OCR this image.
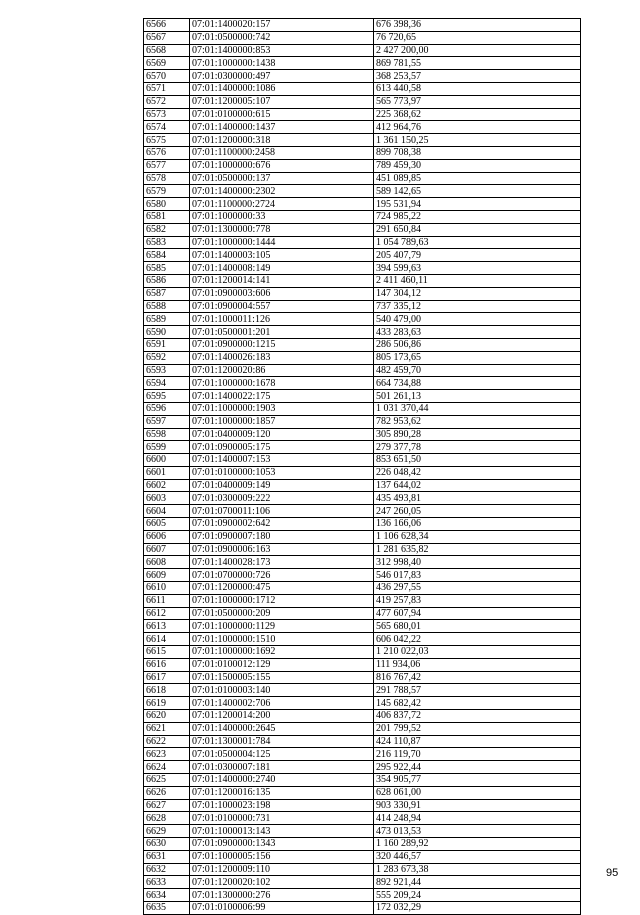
6566	07:01:1400020:157	676 398,36
6567	07:01:0500000:742	76 720,65
6568	07:01:1400000:853	2 427 200,00
6569	07:01:1000000:1438	869 781,55
6570	07:01:0300000:497	368 253,57
6571	07:01:1400000:1086	613 440,58
6572	07:01:1200005:107	565 773,97
6573	07:01:0100000:615	225 368,62
6574	07:01:1400000:1437	412 964,76
6575	07:01:1200000:318	1 361 150,25
6576	07:01:1100000:2458	899 708,38
6577	07:01:1000000:676	789 459,30
6578	07:01:0500000:137	451 089,85
6579	07:01:1400000:2302	589 142,65
6580	07:01:1100000:2724	195 531,94
6581	07:01:1000000:33	724 985,22
6582	07:01:1300000:778	291 650,84
6583	07:01:1000000:1444	1 054 789,63
6584	07:01:1400003:105	205 407,79
6585	07:01:1400008:149	394 599,63
6586	07:01:1200014:141	2 411 460,11
6587	07:01:0900003:606	147 304,12
6588	07:01:0900004:557	737 335,12
6589	07:01:1000011:126	540 479,00
6590	07:01:0500001:201	433 283,63
6591	07:01:0900000:1215	286 506,86
6592	07:01:1400026:183	805 173,65
6593	07:01:1200020:86	482 459,70
6594	07:01:1000000:1678	664 734,88
6595	07:01:1400022:175	501 261,13
6596	07:01:1000000:1903	1 031 370,44
6597	07:01:1000000:1857	782 953,62
6598	07:01:0400009:120	305 890,28
6599	07:01:0900005:175	279 377,78
6600	07:01:1400007:153	853 651,50
6601	07:01:0100000:1053	226 048,42
6602	07:01:0400009:149	137 644,02
6603	07:01:0300009:222	435 493,81
6604	07:01:0700011:106	247 260,05
6605	07:01:0900002:642	136 166,06
6606	07:01:0900007:180	1 106 628,34
6607	07:01:0900006:163	1 281 635,82
6608	07:01:1400028:173	312 998,40
6609	07:01:0700000:726	546 017,83
6610	07:01:1200000:475	436 297,55
6611	07:01:1000000:1712	419 257,83
6612	07:01:0500000:209	477 607,94
6613	07:01:1000000:1129	565 680,01
6614	07:01:1000000:1510	606 042,22
6615	07:01:1000000:1692	1 210 022,03
6616	07:01:0100012:129	111 934,06
6617	07:01:1500005:155	816 767,42
6618	07:01:0100003:140	291 788,57
6619	07:01:1400002:706	145 682,42
6620	07:01:1200014:200	406 837,72
6621	07:01:1400000:2645	201 799,52
6622	07:01:1300001:784	424 110,87
6623	07:01:0500004:125	216 119,70
6624	07:01:0300007:181	295 922,44
6625	07:01:1400000:2740	354 905,77
6626	07:01:1200016:135	628 061,00
6627	07:01:1000023:198	903 330,91
6628	07:01:0100000:731	414 248,94
6629	07:01:1000013:143	473 013,53
6630	07:01:0900000:1343	1 160 289,92
6631	07:01:1000005:156	320 446,57
6632	07:01:1200009:110	1 283 673,38
6633	07:01:1200020:102	892 921,44
6634	07:01:1300000:276	555 209,24
6635	07:01:0100006:99	172 032,29
95
